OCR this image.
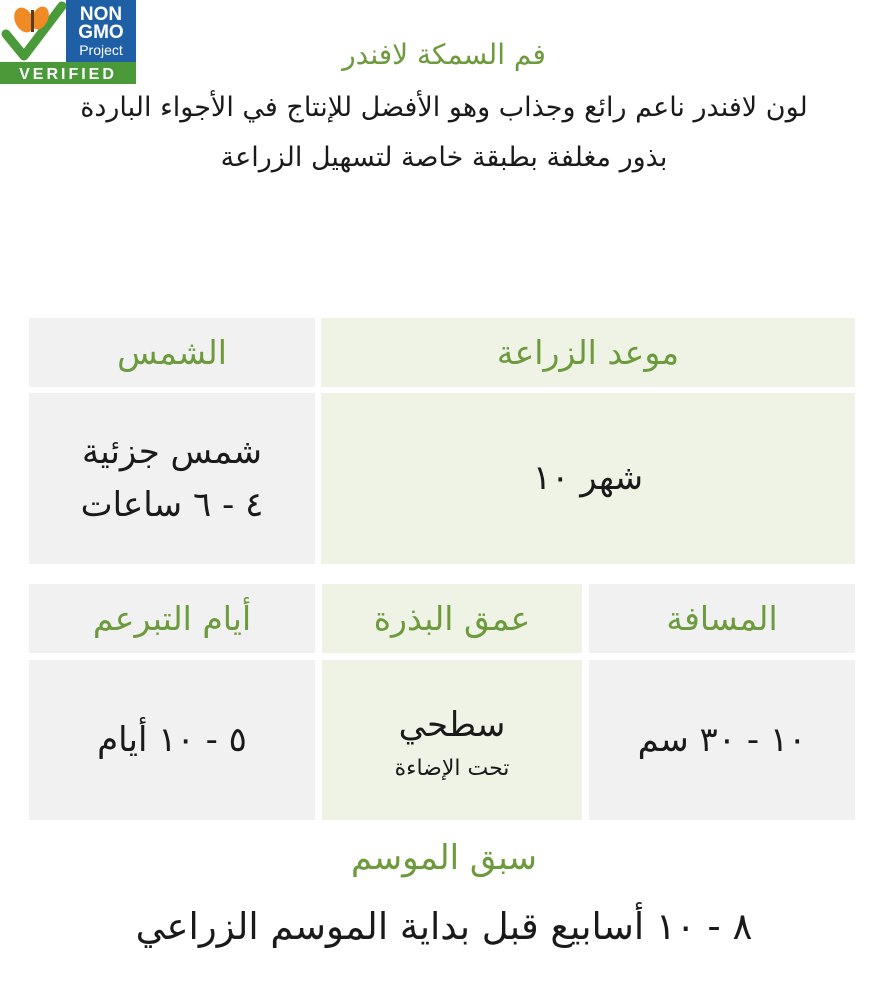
NON
GMO
Project
VERIFIED
فم السمكة لافندر
لون لافندر ناعم رائع وجذاب وهو الأفضل للإنتاج في الأجواء الباردة
بذور مغلفة بطبقة خاصة لتسهيل الزراعة
موعد الزراعة
الشمس
شهر ١٠
شمس جزئية
٤ - ٦ ساعات
المسافة
عمق البذرة
أيام التبرعم
١٠ - ٣٠ سم
سطحي
تحت الإضاءة
٥ - ١٠ أيام
سبق الموسم
٨ - ١٠ أسابيع قبل بداية الموسم الزراعي
